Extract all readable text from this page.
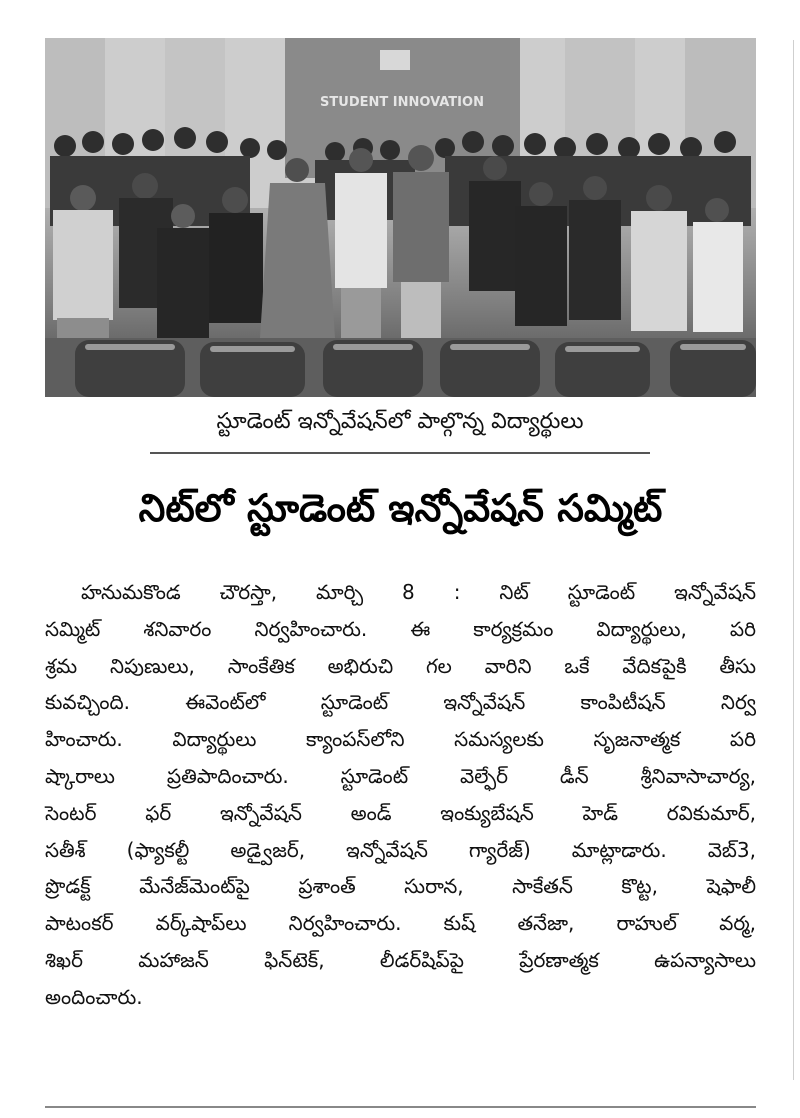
STUDENT INNOVATION
స్టూడెంట్ ఇన్నోవేషన్‌లో పాల్గొన్న విద్యార్థులు
నిట్‌లో స్టూడెంట్ ఇన్నోవేషన్ సమ్మిట్
హనుమకొండ చౌరస్తా, మార్చి 8 : నిట్ స్టూడెంట్ ఇన్నోవేషన్
సమ్మిట్ శనివారం నిర్వహించారు. ఈ కార్యక్రమం విద్యార్థులు, పరి
శ్రమ నిపుణులు, సాంకేతిక అభిరుచి గల వారిని ఒకే వేదికపైకి తీసు
కువచ్చింది. ఈవెంట్‌లో స్టూడెంట్ ఇన్నోవేషన్ కాంపిటీషన్ నిర్వ
హించారు. విద్యార్థులు క్యాంపస్‌లోని సమస్యలకు సృజనాత్మక పరి
ష్కారాలు ప్రతిపాదించారు. స్టూడెంట్ వెల్ఫేర్ డీన్ శ్రీనివాసాచార్య,
సెంటర్ ఫర్ ఇన్నోవేషన్ అండ్ ఇంక్యుబేషన్ హెడ్ రవికుమార్,
సతీశ్ (ఫ్యాకల్టీ అడ్వైజర్, ఇన్నోవేషన్ గ్యారేజ్) మాట్లాడారు. వెబ్3,
ప్రొడక్ట్ మేనేజ్‌మెంట్‌పై ప్రశాంత్ సురాన, సాకేతన్ కొట్ట, షెఫాలీ
పాటంకర్ వర్క్‌షాప్‌లు నిర్వహించారు. కుష్ తనేజా, రాహుల్ వర్మ,
శిఖర్ మహాజన్ ఫిన్‌టెక్, లీడర్‌షిప్‌పై ప్రేరణాత్మక ఉపన్యాసాలు
అందించారు.
